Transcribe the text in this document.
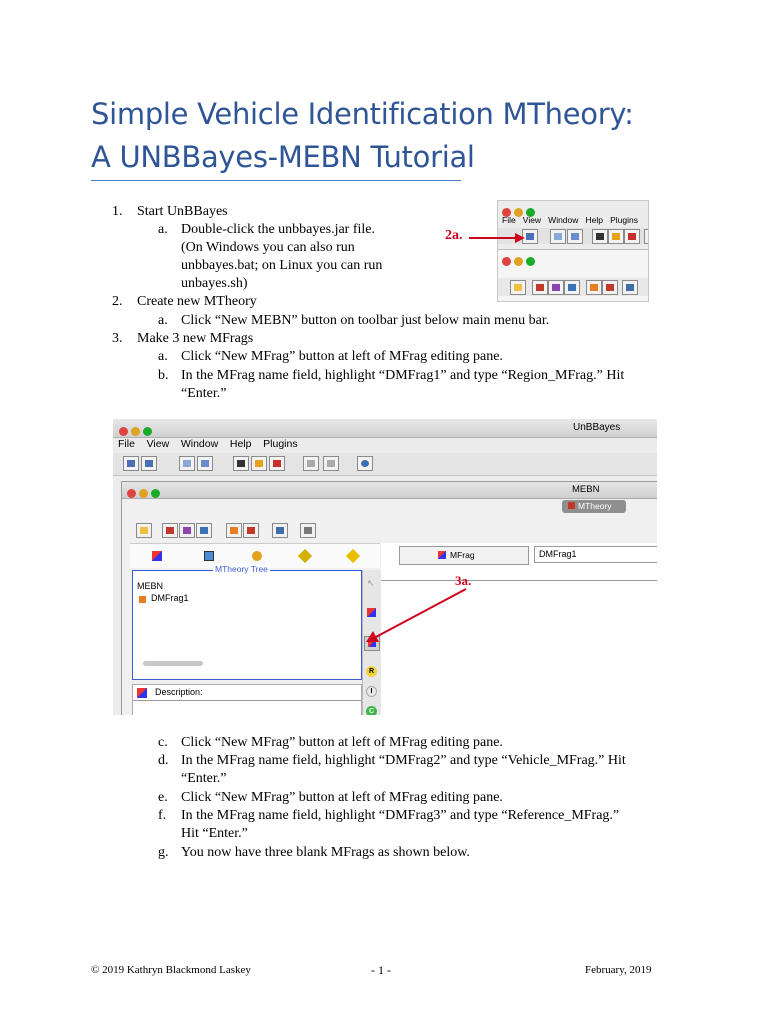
Simple Vehicle Identification MTheory:
A UNBBayes-MEBN Tutorial
1. Start UnBBayes
a. Double-click the unbbayes.jar file.
(On Windows you can also run
unbbayes.bat; on Linux you can run
unbayes.sh)
2. Create new MTheory
a. Click “New MEBN” button on toolbar just below main menu bar.
3. Make 3 new MFrags
a. Click “New MFrag” button at left of MFrag editing pane.
b. In the MFrag name field, highlight “DMFrag1” and type “Region_MFrag.” Hit
“Enter.”
File View Window Help Plugins
2a.
UnBBayes
File View Window Help Plugins
MEBN
MTheory
MTheory Tree
MEBN
DMFrag1
Description:
↖
R
I
C
MFrag	DMFrag1
3a.
c. Click “New MFrag” button at left of MFrag editing pane.
d. In the MFrag name field, highlight “DMFrag2” and type “Vehicle_MFrag.” Hit
“Enter.”
e. Click “New MFrag” button at left of MFrag editing pane.
f. In the MFrag name field, highlight “DMFrag3” and type “Reference_MFrag.”
Hit “Enter.”
g. You now have three blank MFrags as shown below.
© 2019 Kathryn Blackmond Laskey	- 1 -	February, 2019
